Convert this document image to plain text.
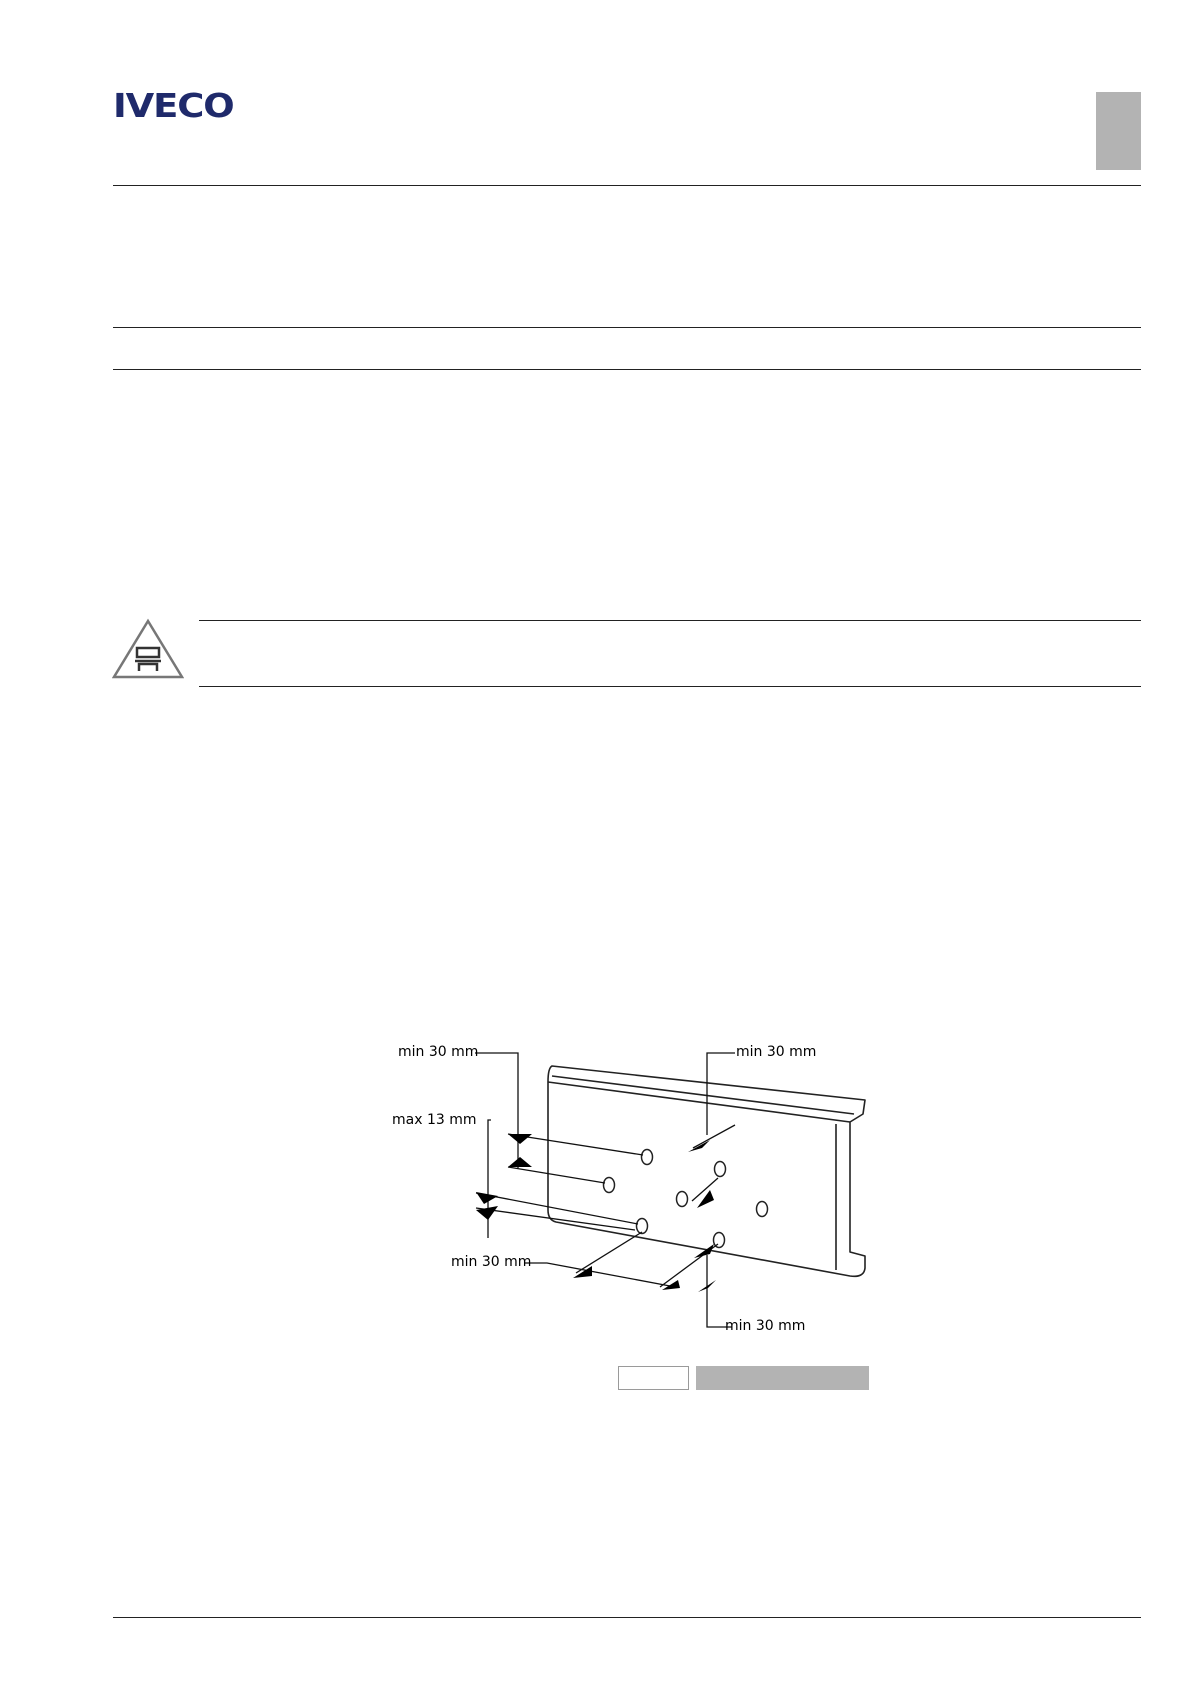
IVECO
min 30 mm	min 30 mm
max 13 mm
min 30 mm
min 30 mm
